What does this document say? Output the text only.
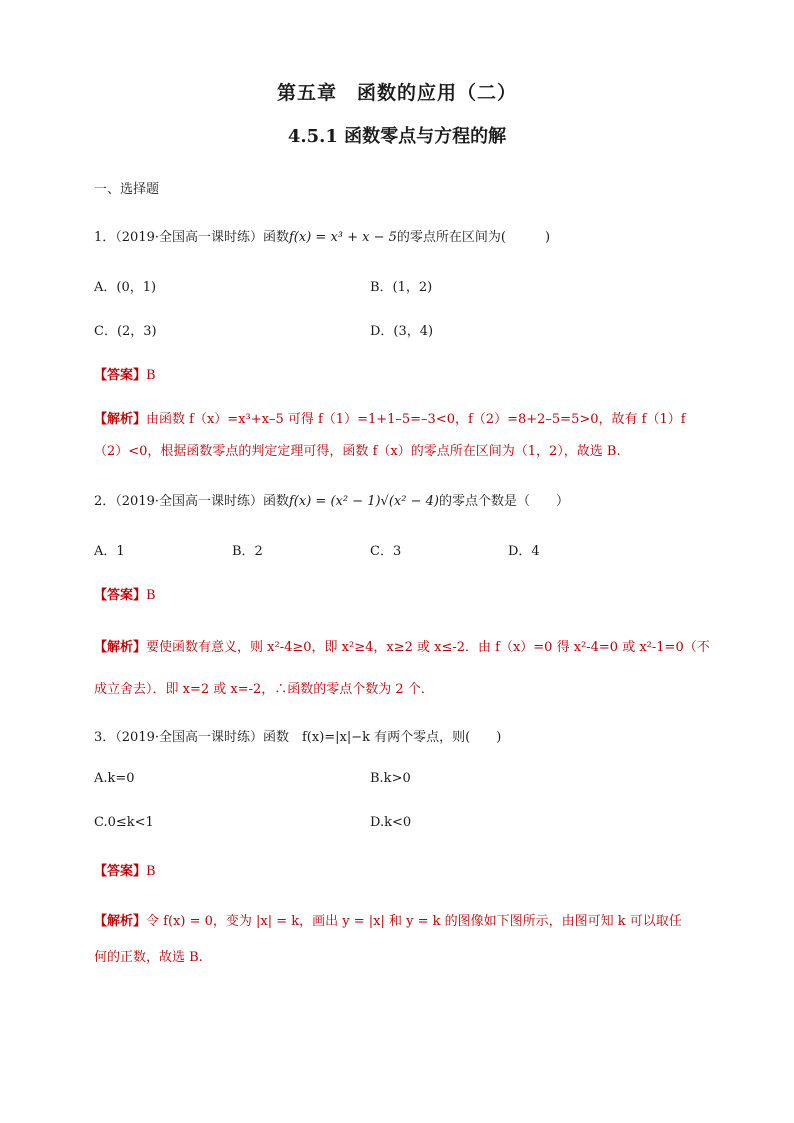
第五章　函数的应用（二）
4.5.1 函数零点与方程的解
一、选择题
1．（2019·全国高一课时练）函数f(x) = x³ + x − 5的零点所在区间为(　　　)
A．(0，1)	B．(1，2)
C．(2，3)	D．(3，4)
【答案】B
【解析】由函数 f（x）=x³+x–5 可得 f（1）=1+1–5=–3<0，f（2）=8+2–5=5>0，故有 f（1）f
（2）<0，根据函数零点的判定定理可得，函数 f（x）的零点所在区间为（1，2），故选 B.
2．（2019·全国高一课时练）函数f(x) = (x² − 1)√(x² − 4)的零点个数是（　　）
A．1	B．2	C．3	D．4
【答案】B
【解析】要使函数有意义，则 x²-4≥0，即 x²≥4，x≥2 或 x≤-2．由 f（x）=0 得 x²-4=0 或 x²-1=0（不
成立舍去）．即 x=2 或 x=-2，∴函数的零点个数为 2 个．
3．（2019·全国高一课时练）函数　f(x)=|x|−k 有两个零点，则(　　)
A.k=0	B.k>0
C.0≤k<1	D.k<0
【答案】B
【解析】令 f(x) = 0，变为 |x| = k，画出 y = |x| 和 y = k 的图像如下图所示，由图可知 k 可以取任
何的正数，故选 B.
